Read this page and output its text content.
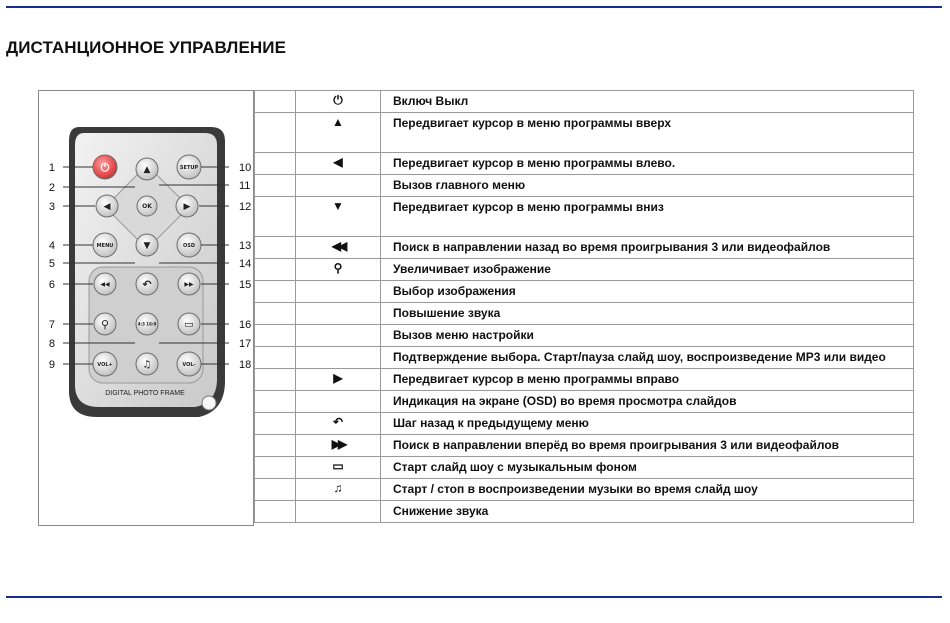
ДИСТАНЦИОННОЕ УПРАВЛЕНИЕ
⏻	▲	SETUP
◀	OK	▶
MENU	▼	OSD
◀◀	↶	▶▶
⚲	4:3 16:9	▭
VOL+	♫	VOL-
1
2
3
4
5
6
7
8
9
10
11
12
13
14
15
16
17
18
DIGITAL PHOTO FRAME
	⏻	Включ Выкл
	▲	Передвигает курсор в меню программы вверх
	◀	Передвигает курсор в меню программы влево.
		Вызов главного меню
	▼	Передвигает курсор в меню программы вниз
	◀◀	Поиск в направлении назад во время проигрывания 3 или видеофайлов
	⚲	Увеличивает изображение
		Выбор изображения
		Повышение звука
		Вызов меню настройки
		Подтверждение выбора. Старт/пауза слайд шоу, воспроизведение МР3 или видео
	▶	Передвигает курсор в меню программы вправо
		Индикация на экране (OSD) во время просмотра слайдов
	↶	Шаг назад к предыдущему меню
	▶▶	Поиск в направлении вперёд во время проигрывания 3 или видеофайлов
	▭	Старт слайд шоу с музыкальным фоном
	♫	Старт / стоп в воспроизведении музыки во время слайд шоу
		Снижение звука
